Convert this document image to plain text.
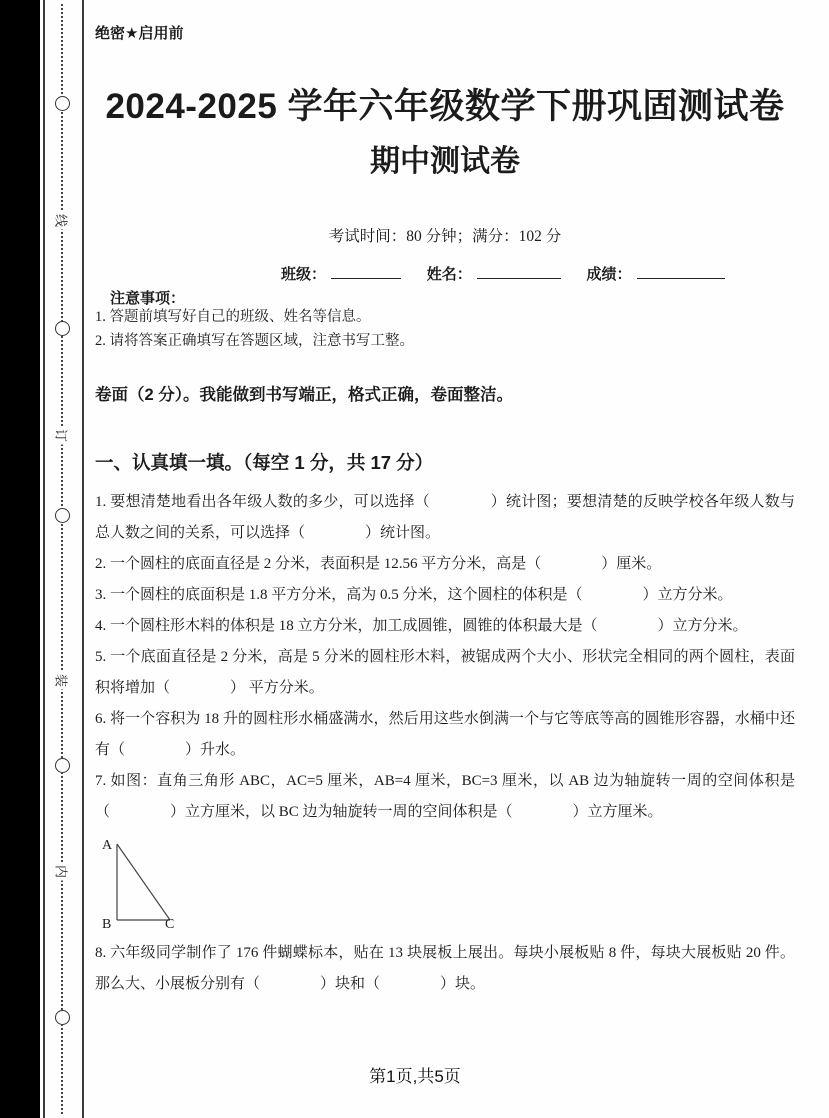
线
订
装
内
绝密★启用前
2024-2025 学年六年级数学下册巩固测试卷
期中测试卷
考试时间：80 分钟；满分：102 分
班级：	姓名：	成绩：
注意事项：

1. 答题前填写好自己的班级、姓名等信息。

2. 请将答案正确填写在答题区域，注意书写工整。

卷面（2 分）。我能做到书写端正，格式正确，卷面整洁。

一、认真填一填。（每空 1 分，共 17 分）

1. 要想清楚地看出各年级人数的多少，可以选择（　　　　）统计图；要想清楚的反映学校各年级人数与总人数之间的关系，可以选择（　　　　）统计图。

2. 一个圆柱的底面直径是 2 分米，表面积是 12.56 平方分米，高是（　　　　）厘米。

3. 一个圆柱的底面积是 1.8 平方分米，高为 0.5 分米，这个圆柱的体积是（　　　　）立方分米。

4. 一个圆柱形木料的体积是 18 立方分米，加工成圆锥，圆锥的体积最大是（　　　　）立方分米。

5. 一个底面直径是 2 分米，高是 5 分米的圆柱形木料，被锯成两个大小、形状完全相同的两个圆柱，表面积将增加（　　　　） 平方分米。

6. 将一个容积为 18 升的圆柱形水桶盛满水，然后用这些水倒满一个与它等底等高的圆锥形容器，水桶中还有（　　　　）升水。

7. 如图：直角三角形 ABC，AC=5 厘米，AB=4 厘米，BC=3 厘米，以 AB 边为轴旋转一周的空间体积是（　　　　）立方厘米，以 BC 边为轴旋转一周的空间体积是（　　　　）立方厘米。

A
B	C

8. 六年级同学制作了 176 件蝴蝶标本，贴在 13 块展板上展出。每块小展板贴 8 件，每块大展板贴 20 件。那么大、小展板分别有（　　　　）块和（　　　　）块。

第1页,共5页
